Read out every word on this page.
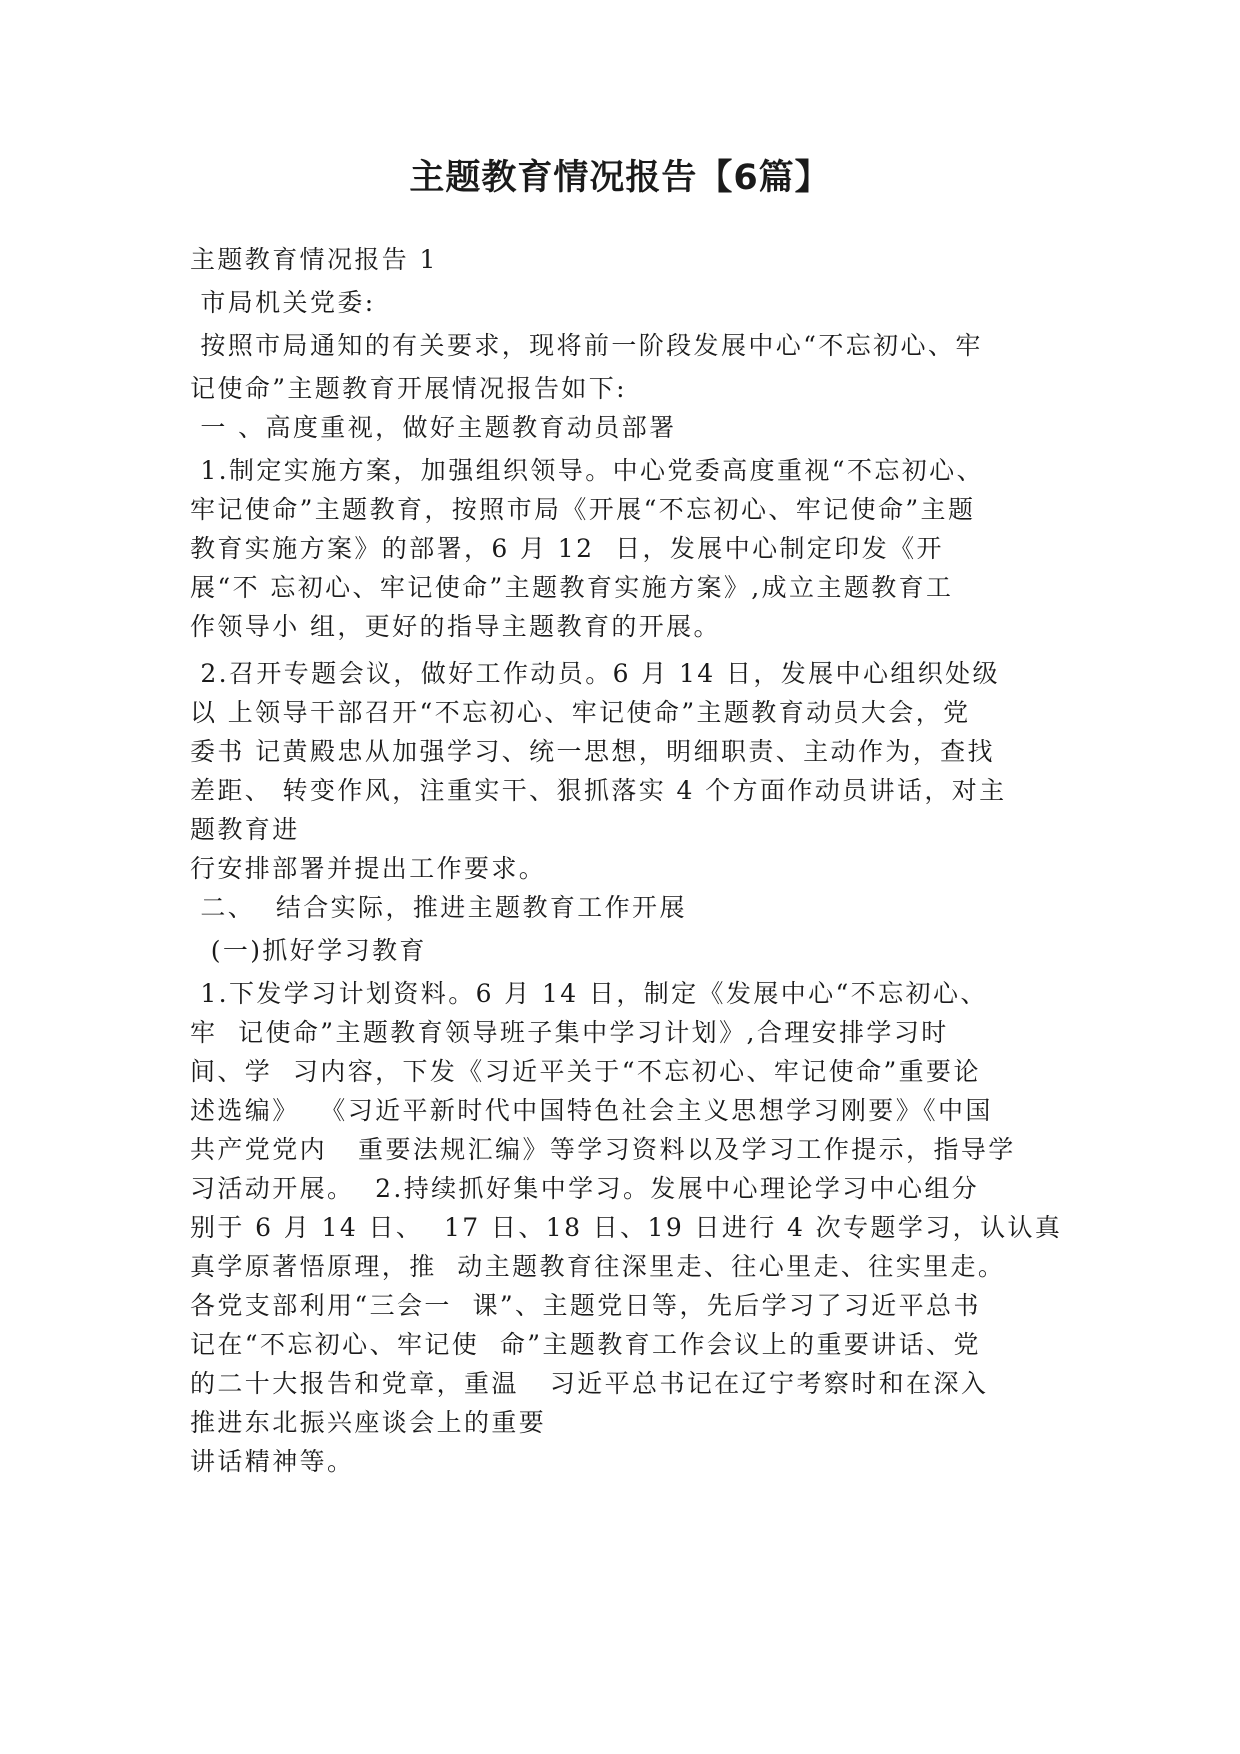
主题教育情况报告【6篇】
主题教育情况报告 1
市局机关党委:
按照市局通知的有关要求，现将前一阶段发展中心“不忘初心、牢
记使命”主题教育开展情况报告如下:
一 、高度重视，做好主题教育动员部署
1.制定实施方案，加强组织领导。中心党委高度重视“不忘初心、
牢记使命”主题教育，按照市局《开展“不忘初心、牢记使命”主题
教育实施方案》的部署，6 月 12  日，发展中心制定印发《开
展“不 忘初心、牢记使命”主题教育实施方案》,成立主题教育工
作领导小 组，更好的指导主题教育的开展。
2.召开专题会议，做好工作动员。6 月 14 日，发展中心组织处级
以 上领导干部召开“不忘初心、牢记使命”主题教育动员大会，党
委书 记黄殿忠从加强学习、统一思想，明细职责、主动作为，查找
差距、 转变作风，注重实干、狠抓落实 4 个方面作动员讲话，对主
题教育进
行安排部署并提出工作要求。
二、  结合实际，推进主题教育工作开展
(一)抓好学习教育
1.下发学习计划资料。6 月 14 日，制定《发展中心“不忘初心、
牢  记使命”主题教育领导班子集中学习计划》,合理安排学习时
间、学  习内容，下发《习近平关于“不忘初心、牢记使命”重要论
述选编》  《习近平新时代中国特色社会主义思想学习刚要》《中国
共产党党内   重要法规汇编》等学习资料以及学习工作提示，指导学
习活动开展。  2.持续抓好集中学习。发展中心理论学习中心组分
别于 6 月 14 日、  17 日、18 日、19 日进行 4 次专题学习，认认真
真学原著悟原理，推  动主题教育往深里走、往心里走、往实里走。
各党支部利用“三会一  课”、主题党日等，先后学习了习近平总书
记在“不忘初心、牢记使  命”主题教育工作会议上的重要讲话、党
的二十大报告和党章，重温   习近平总书记在辽宁考察时和在深入
推进东北振兴座谈会上的重要
讲话精神等。
